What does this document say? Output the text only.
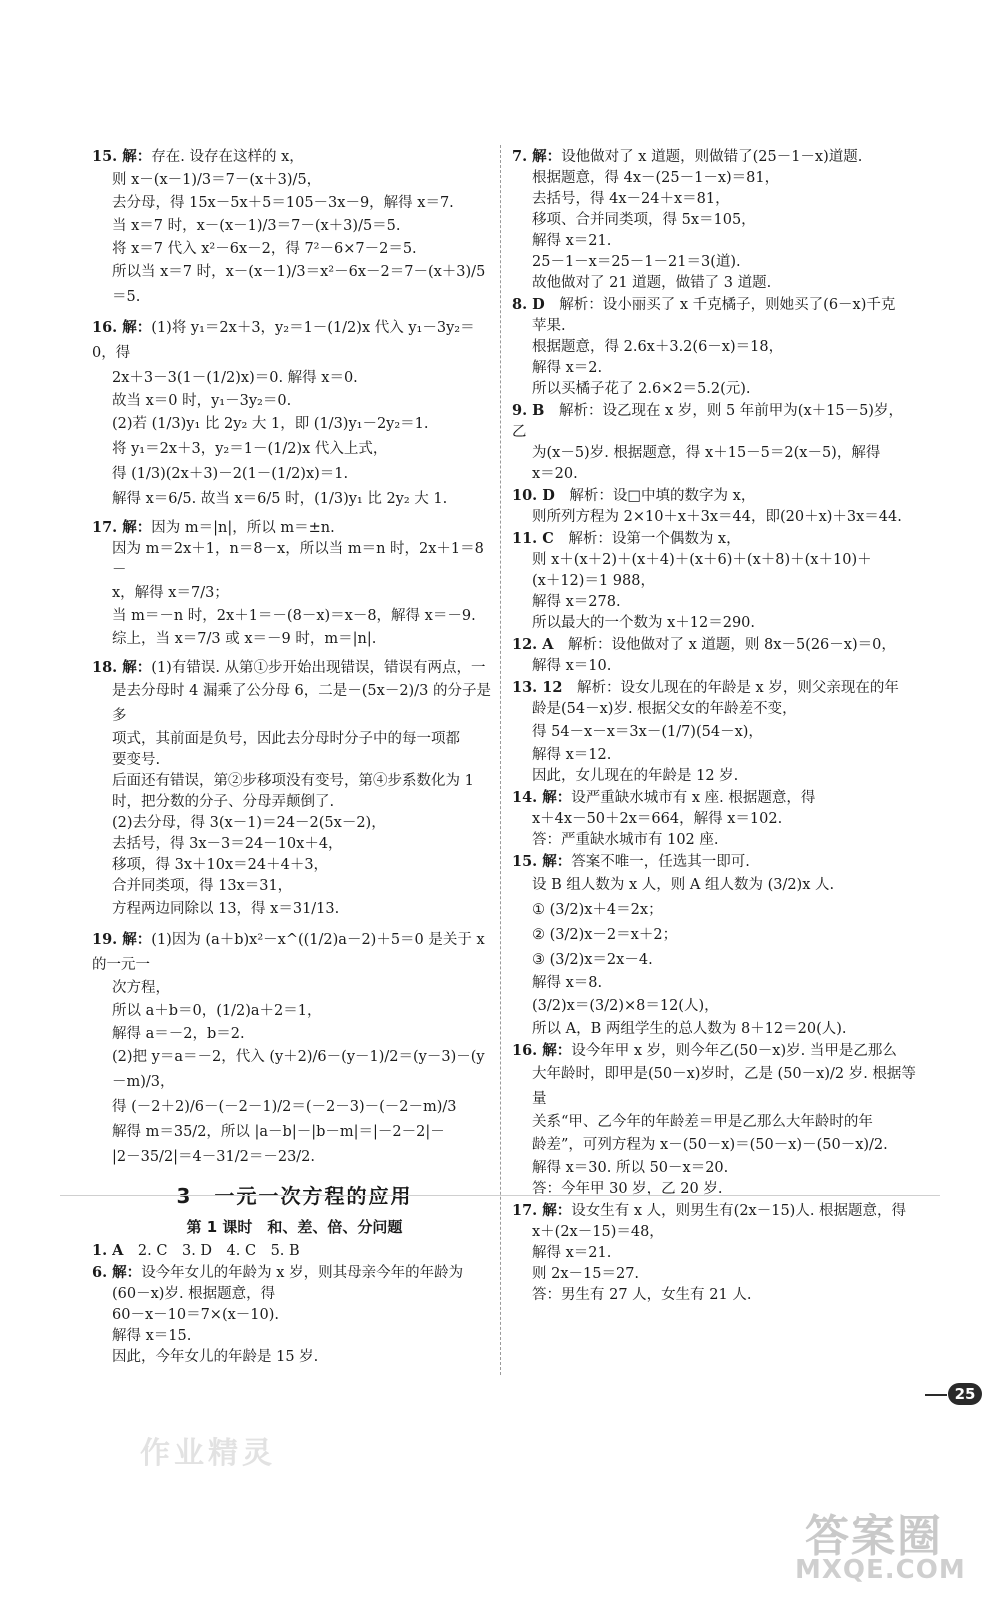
15. 解：存在. 设存在这样的 x，

则 x－(x－1)/3＝7－(x＋3)/5，

去分母，得 15x－5x＋5＝105－3x－9，解得 x＝7.

当 x＝7 时，x－(x－1)/3＝7－(x＋3)/5＝5.

将 x＝7 代入 x²－6x－2，得 7²－6×7－2＝5.

所以当 x＝7 时，x－(x－1)/3＝x²－6x－2＝7－(x＋3)/5＝5.

16. 解：(1)将 y₁＝2x＋3，y₂＝1－(1/2)x 代入 y₁－3y₂＝0，得

2x＋3－3(1－(1/2)x)＝0. 解得 x＝0.

故当 x＝0 时，y₁－3y₂＝0.

(2)若 (1/3)y₁ 比 2y₂ 大 1，即 (1/3)y₁－2y₂＝1.

将 y₁＝2x＋3，y₂＝1－(1/2)x 代入上式，

得 (1/3)(2x＋3)－2(1－(1/2)x)＝1.

解得 x＝6/5. 故当 x＝6/5 时，(1/3)y₁ 比 2y₂ 大 1.

17. 解：因为 m＝|n|，所以 m＝±n.

因为 m＝2x＋1，n＝8－x，所以当 m＝n 时，2x＋1＝8－

x，解得 x＝7/3；

当 m＝－n 时，2x＋1＝－(8－x)＝x－8，解得 x＝－9.

综上，当 x＝7/3 或 x＝－9 时，m＝|n|.

18. 解：(1)有错误. 从第①步开始出现错误，错误有两点，一

是去分母时 4 漏乘了公分母 6，二是－(5x－2)/3 的分子是多

项式，其前面是负号，因此去分母时分子中的每一项都

要变号.

后面还有错误，第②步移项没有变号，第④步系数化为 1

时，把分数的分子、分母弄颠倒了.

(2)去分母，得 3(x－1)＝24－2(5x－2)，

去括号，得 3x－3＝24－10x＋4，

移项，得 3x＋10x＝24＋4＋3，

合并同类项，得 13x＝31，

方程两边同除以 13，得 x＝31/13.

19. 解：(1)因为 (a＋b)x²－x^((1/2)a－2)＋5＝0 是关于 x 的一元一

次方程，

所以 a＋b＝0，(1/2)a＋2＝1，

解得 a＝－2，b＝2.

(2)把 y＝a＝－2，代入 (y＋2)/6－(y－1)/2＝(y－3)－(y－m)/3，

得 (－2＋2)/6－(－2－1)/2＝(－2－3)－(－2－m)/3

解得 m＝35/2，所以 |a－b|－|b－m|＝|－2－2|－

|2－35/2|＝4－31/2＝－23/2.

3 一元一次方程的应用
第 1 课时　和、差、倍、分问题

1. A　2. C　3. D　4. C　5. B

6. 解：设今年女儿的年龄为 x 岁，则其母亲今年的年龄为

(60－x)岁. 根据题意，得

60－x－10＝7×(x－10).

解得 x＝15.

因此，今年女儿的年龄是 15 岁.

7. 解：设他做对了 x 道题，则做错了(25－1－x)道题.

根据题意，得 4x－(25－1－x)＝81，

去括号，得 4x－24＋x＝81，

移项、合并同类项，得 5x＝105，

解得 x＝21.

25－1－x＝25－1－21＝3(道).

故他做对了 21 道题，做错了 3 道题.

8. D　解析：设小丽买了 x 千克橘子，则她买了(6－x)千克

苹果.

根据题意，得 2.6x＋3.2(6－x)＝18，

解得 x＝2.

所以买橘子花了 2.6×2＝5.2(元).

9. B　解析：设乙现在 x 岁，则 5 年前甲为(x＋15－5)岁，乙

为(x－5)岁. 根据题意，得 x＋15－5＝2(x－5)，解得

x＝20.

10. D　解析：设□中填的数字为 x，

则所列方程为 2×10＋x＋3x＝44，即(20＋x)＋3x＝44.

11. C　解析：设第一个偶数为 x，

则 x＋(x＋2)＋(x＋4)＋(x＋6)＋(x＋8)＋(x＋10)＋

(x＋12)＝1 988，

解得 x＝278.

所以最大的一个数为 x＋12＝290.

12. A　解析：设他做对了 x 道题，则 8x－5(26－x)＝0，

解得 x＝10.

13. 12　解析：设女儿现在的年龄是 x 岁，则父亲现在的年

龄是(54－x)岁. 根据父女的年龄差不变，

得 54－x－x＝3x－(1/7)(54－x)，

解得 x＝12.

因此，女儿现在的年龄是 12 岁.

14. 解：设严重缺水城市有 x 座. 根据题意，得

x＋4x－50＋2x＝664，解得 x＝102.

答：严重缺水城市有 102 座.

15. 解：答案不唯一，任选其一即可.

设 B 组人数为 x 人，则 A 组人数为 (3/2)x 人.

① (3/2)x＋4＝2x；

② (3/2)x－2＝x＋2；

③ (3/2)x＝2x－4.

解得 x＝8.

(3/2)x＝(3/2)×8＝12(人)，

所以 A，B 两组学生的总人数为 8＋12＝20(人).

16. 解：设今年甲 x 岁，则今年乙(50－x)岁. 当甲是乙那么

大年龄时，即甲是(50－x)岁时，乙是 (50－x)/2 岁. 根据等量

关系“甲、乙今年的年龄差＝甲是乙那么大年龄时的年

龄差”，可列方程为 x－(50－x)＝(50－x)－(50－x)/2.

解得 x＝30. 所以 50－x＝20.

答：今年甲 30 岁，乙 20 岁.

17. 解：设女生有 x 人，则男生有(2x－15)人. 根据题意，得

x＋(2x－15)＝48，

解得 x＝21.

则 2x－15＝27.

答：男生有 27 人，女生有 21 人.

25
作业精灵
答案圈
MXQE.COM
